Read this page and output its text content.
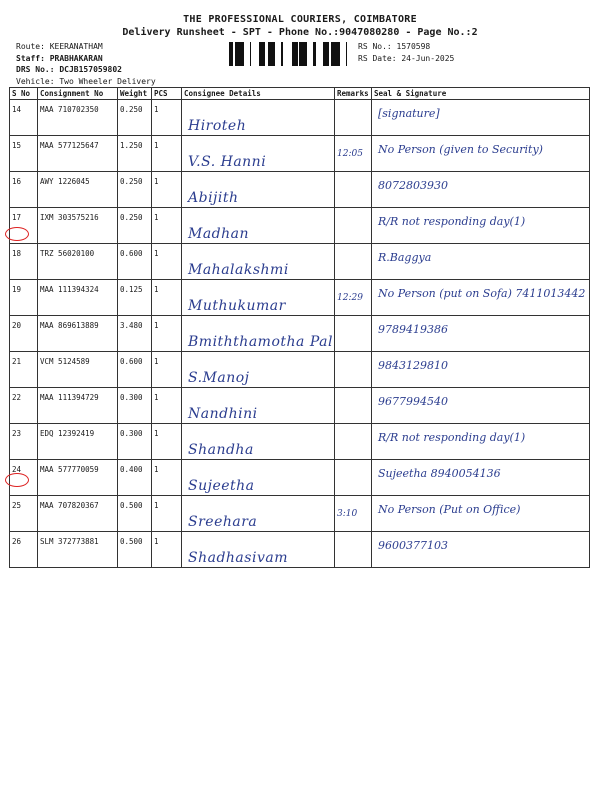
THE PROFESSIONAL COURIERS, COIMBATORE
Delivery Runsheet - SPT - Phone No.:9047080280 - Page No.:2
Route: KEERANATHAM
Staff: PRABHAKARAN
DRS No.: DCJB157059802
Vehicle: Two Wheeler Delivery
RS No.: 1570598
RS Date: 24-Jun-2025
S No	Consignment No	Weight	PCS	Consignee Details	Remarks	Seal & Signature
14	MAA 710702350	0.250	1	Hiroteh		[signature]

15	MAA 577125647	1.250	1	V.S. Hanni	12:05	No Person (given to Security)

16	AWY 1226045	0.250	1	Abijith		8072803930

17	IXM 303575216	0.250	1	Madhan		R/R not responding day(1)

18	TRZ 56020100	0.600	1	Mahalakshmi		R.Baggya

19	MAA 111394324	0.125	1	Muthukumar	12:29	No Person (put on Sofa) 7411013442

20	MAA 869613889	3.480	1	Bmiththamotha Pal		9789419386

21	VCM 5124589	0.600	1	S.Manoj		9843129810

22	MAA 111394729	0.300	1	Nandhini		9677994540

23	EDQ 12392419	0.300	1	Shandha		R/R not responding day(1)

24	MAA 577770059	0.400	1	Sujeetha		Sujeetha 8940054136

25	MAA 707820367	0.500	1	Sreehara	3:10	No Person (Put on Office)

26	SLM 372773881	0.500	1	Shadhasivam		9600377103
